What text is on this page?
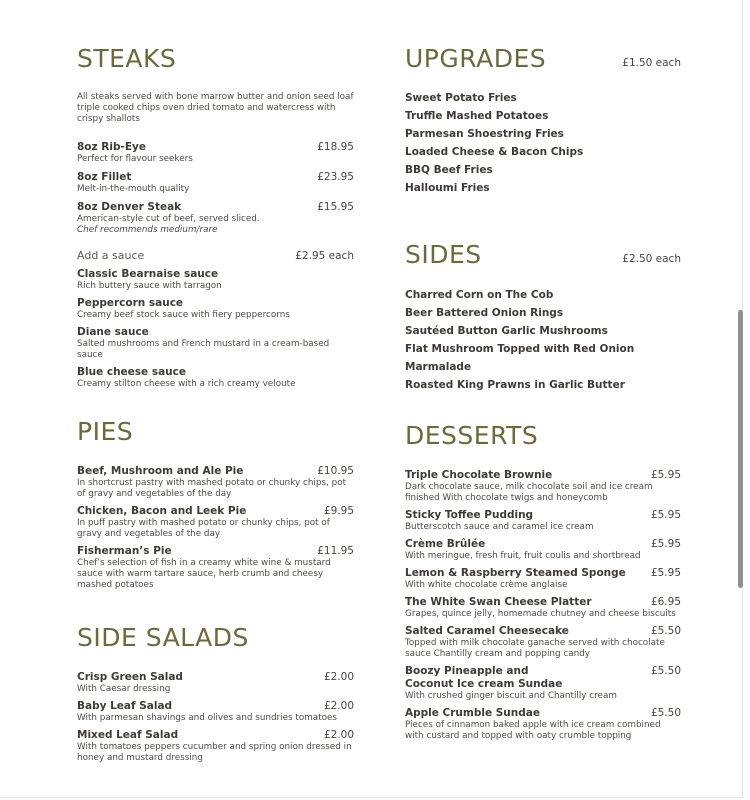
STEAKS

All steaks served with bone marrow butter and onion seed loaf triple cooked chips oven dried tomato and watercress with crispy shallots

8oz Rib-Eye	£18.95
Perfect for flavour seekers
8oz Fillet	£23.95
Melt-in-the-mouth quality
8oz Denver Steak	£15.95
American-style cut of beef, served sliced.
Chef recommends medium/rare
Add a sauce	£2.95 each
Classic Bearnaise sauce
Rich buttery sauce with tarragon
Peppercorn sauce
Creamy beef stock sauce with fiery peppercorns
Diane sauce
Salted mushrooms and French mustard in a cream-based sauce
Blue cheese sauce
Creamy stilton cheese with a rich creamy veloute
PIES
Beef, Mushroom and Ale Pie	£10.95
In shortcrust pastry with mashed potato or chunky chips, pot of gravy and vegetables of the day
Chicken, Bacon and Leek Pie	£9.95
In puff pastry with mashed potato or chunky chips, pot of gravy and vegetables of the day
Fisherman’s Pie	£11.95
Chef’s selection of fish in a creamy white wine & mustard sauce with warm tartare sauce, herb crumb and cheesy mashed potatoes
SIDE SALADS
Crisp Green Salad	£2.00
With Caesar dressing
Baby Leaf Salad	£2.00
With parmesan shavings and olives and sundries tomatoes
Mixed Leaf Salad	£2.00
With tomatoes peppers cucumber and spring onion dressed in honey and mustard dressing
UPGRADES	£1.50 each
Sweet Potato Fries
Truffle Mashed Potatoes
Parmesan Shoestring Fries
Loaded Cheese & Bacon Chips
BBQ Beef Fries
Halloumi Fries
SIDES	£2.50 each
Charred Corn on The Cob
Beer Battered Onion Rings
Sautéed Button Garlic Mushrooms
Flat Mushroom Topped with Red Onion Marmalade
Roasted King Prawns in Garlic Butter
DESSERTS
Triple Chocolate Brownie	£5.95
Dark chocolate sauce, milk chocolate soil and ice cream finished With chocolate twigs and honeycomb
Sticky Toffee Pudding	£5.95
Butterscotch sauce and caramel ice cream
Crème Brûlée	£5.95
With meringue, fresh fruit, fruit coulis and shortbread
Lemon & Raspberry Steamed Sponge	£5.95
With white chocolate crème anglaise
The White Swan Cheese Platter	£6.95
Grapes, quince jelly, homemade chutney and cheese biscuits
Salted Caramel Cheesecake	£5.50
Topped with milk chocolate ganache served with chocolate sauce Chantilly cream and popping candy
Boozy Pineapple and Coconut Ice cream Sundae
£5.50
With crushed ginger biscuit and Chantilly cream
Apple Crumble Sundae	£5.50
Pieces of cinnamon baked apple with ice cream combined with custard and topped with oaty crumble topping
